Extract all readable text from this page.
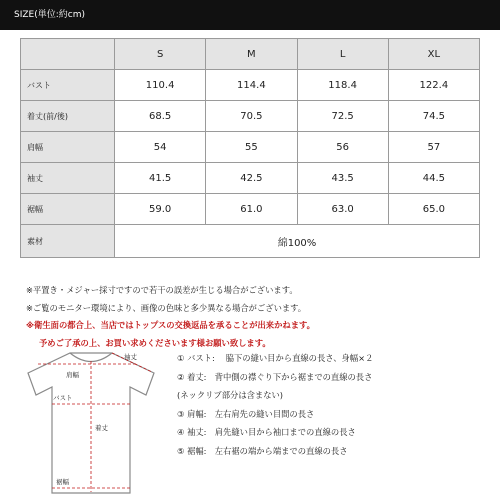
SIZE(単位:約cm)
	S	M	L	XL
バスト	110.4	114.4	118.4	122.4
着丈(前/後)	68.5	70.5	72.5	74.5
肩幅	54	55	56	57
袖丈	41.5	42.5	43.5	44.5
裾幅	59.0	61.0	63.0	65.0
素材	綿100%			
※平置き・メジャー採寸ですので若干の誤差が生じる場合がございます。
※ご覧のモニター環境により、画像の色味と多少異なる場合がございます。
※衛生面の都合上、当店ではトップスの交換返品を承ることが出来かねます。
予めご了承の上、お買い求めくださいます様お願い致します。
肩幅
袖丈
バスト
着丈
裾幅
① バスト:　 脇下の縫い目から直線の長さ、身幅×２
② 着丈:　背中側の襟ぐり下から裾までの直線の長さ
(ネックリブ部分は含まない)
③ 肩幅:　左右肩先の縫い目間の長さ
④ 袖丈:　肩先縫い目から袖口までの直線の長さ
⑤ 裾幅:　左右裾の端から端までの直線の長さ
